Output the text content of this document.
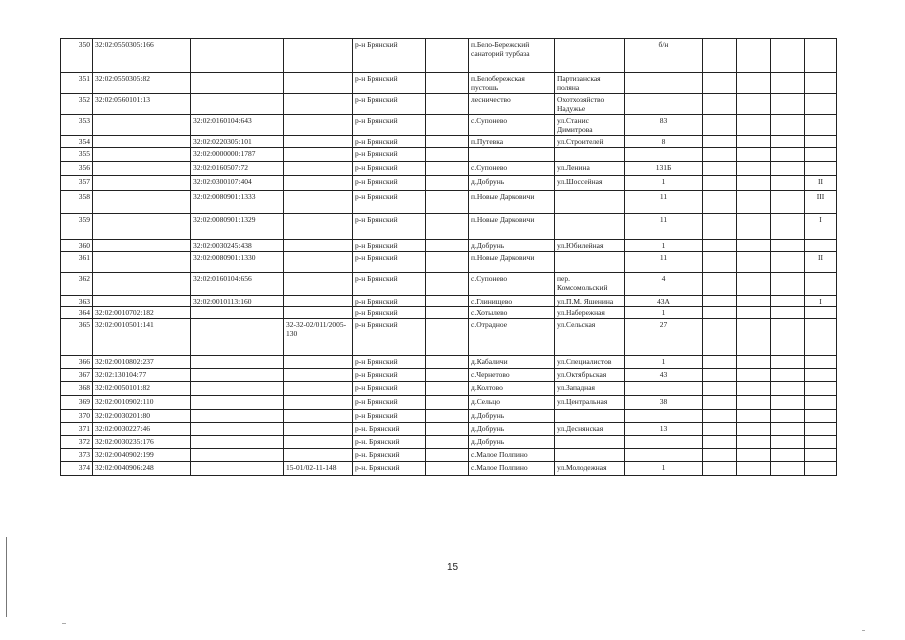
350	32:02:0550305:166			р-н Брянский		п.Бело-Бережский санаторий турбаза		б/н				
351	32:02:0550305:82			р-н Брянский		п.Белобережская пустошь	Партизанская поляна					
352	32:02:0560101:13			р-н Брянский		лесничество	Охотхозяйство Надужье					
353		32:02:0160104:643		р-н Брянский		с.Супонево	ул.Станис Димитрова	83				
354		32:02:0220305:101		р-н Брянский		п.Путевка	ул.Строителей	8				
355		32:02:0000000:1787		р-н Брянский								
356		32:02:0160507:72		р-н Брянский		с.Супонево	ул.Ленина	131Б				
357		32:02:0300107:404		р-н Брянский		д.Добрунь	ул.Шоссейная	1				II
358		32:02:0080901:1333		р-н Брянский		п.Новые Дарковичи		11				III
359		32:02:0080901:1329		р-н Брянский		п.Новые Дарковичи		11				I
360		32:02:0030245:438		р-н Брянский		д.Добрунь	ул.Юбилейная	1				
361		32:02:0080901:1330		р-н Брянский		п.Новые Дарковичи		11				II
362		32:02:0160104:656		р-н Брянский		с.Супонево	пер. Комсомольский	4				
363		32:02:0010113:160		р-н Брянский		с.Глинищево	ул.П.М. Яшенина	43А				I
364	32:02:0010702:182			р-н Брянский		с.Хотылево	ул.Набережная	1				
365	32:02:0010501:141		32-32-02/011/2005-130	р-н Брянский		с.Отрадное	ул.Сельская	27				
366	32:02:0010802:237			р-н Брянский		д.Кабаличи	ул.Специалистов	1				
367	32:02:130104:77			р-н Брянский		с.Чернетово	ул.Октябрьская	43				
368	32:02:0050101:82			р-н Брянский		д.Колтово	ул.Западная					
369	32:02:0010902:110			р-н Брянский		д.Сельцо	ул.Центральная	38				
370	32:02:0030201:80			р-н Брянский		д.Добрунь						
371	32:02:0030227:46			р-н. Брянский		д.Добрунь	ул.Деснянская	13				
372	32:02:0030235:176			р-н. Брянский		д.Добрунь						
373	32:02:0040902:199			р-н. Брянский		с.Малое Полпино						
374	32:02:0040906:248		15-01/02-11-148	р-н. Брянский		с.Малое Полпино	ул.Молодежная	1				
15
